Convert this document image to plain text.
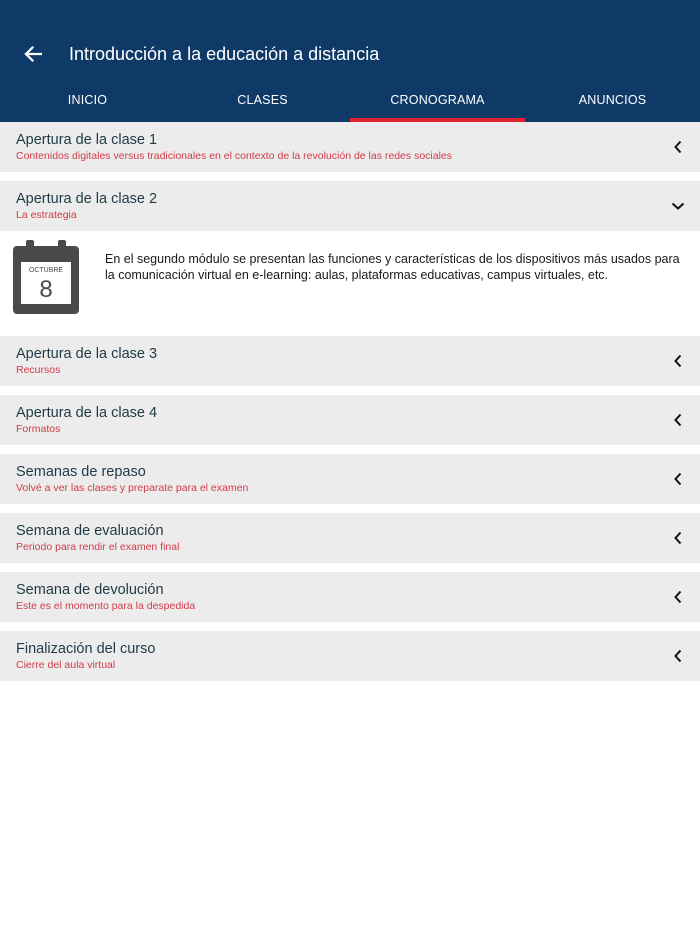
Introducción a la educación a distancia
INICIO	CLASES	CRONOGRAMA	ANUNCIOS
Apertura de la clase 1
Contenidos digitales versus tradicionales en el contexto de la revolución de las redes sociales
Apertura de la clase 2
La estrategia
OCTUBRE
8
En el segundo módulo se presentan las funciones y características de los dispositivos más usados para la comunicación virtual en e-learning: aulas, plataformas educativas, campus virtuales, etc.
Apertura de la clase 3
Recursos
Apertura de la clase 4
Formatos
Semanas de repaso
Volvé a ver las clases y preparate para el examen
Semana de evaluación
Periodo para rendir el examen final
Semana de devolución
Este es el momento para la despedida
Finalización del curso
Cierre del aula virtual
